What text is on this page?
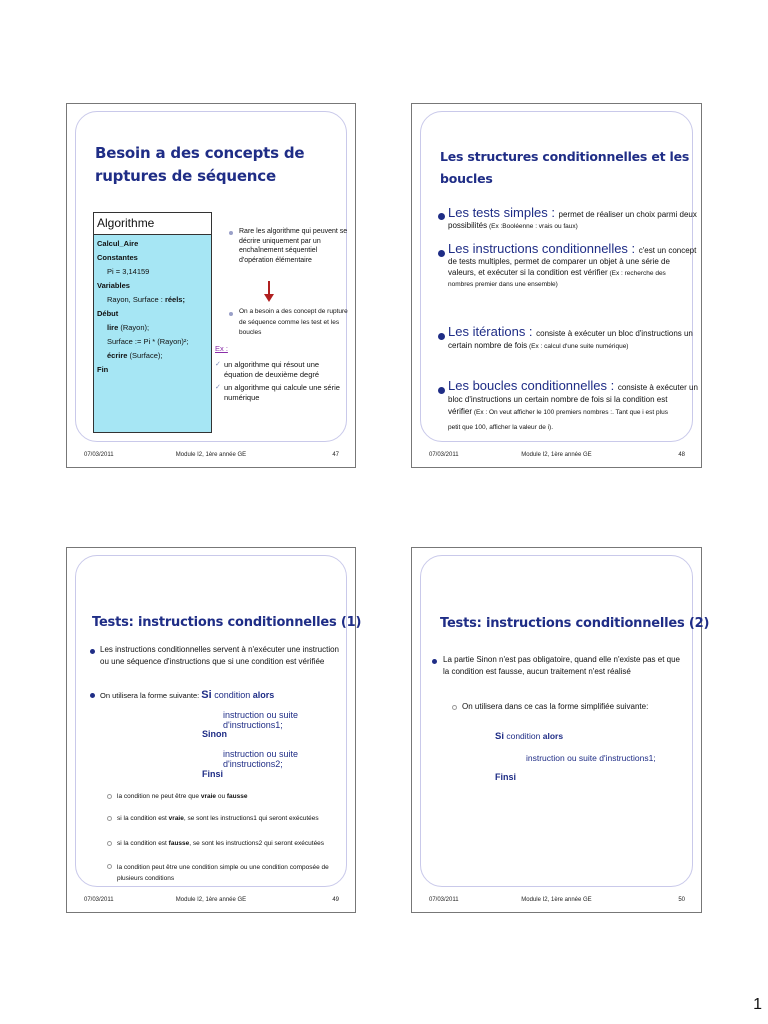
Besoin a des concepts de
ruptures de séquence
Algorithme
Calcul_Aire
Constantes
Pi = 3,14159
Variables
Rayon, Surface : réels;
Début
lire (Rayon);
Surface := Pi * (Rayon)²;
écrire (Surface);
Fin
Rare les algorithme qui peuvent se
décrire uniquement par un
enchaînement séquentiel
d'opération élémentaire
On a besoin a des concept de rupture
de séquence comme les test et les
boucles
Ex :
✓ un algorithme qui résout une
équation de deuxième degré
✓ un algorithme qui calcule une série
numérique
07/03/2011	Module I2, 1ère année GE	47
Les structures conditionnelles et les
boucles
Les tests simples : permet de réaliser un choix parmi deux
possibilités (Ex :Booléenne : vrais ou faux)
Les instructions conditionnelles : c'est un concept
de tests multiples, permet de comparer un objet à une série de
valeurs, et exécuter si la condition est vérifier (Ex : recherche des
nombres premier dans une ensemble)
Les itérations : consiste à exécuter un bloc d'instructions un
certain nombre de fois (Ex : calcul d'une suite numérique)
Les boucles conditionnelles : consiste à exécuter un
bloc d'instructions un certain nombre de fois si la condition est
vérifier (Ex : On veut afficher le 100 premiers nombres :. Tant que i est plus
petit que 100, afficher la valeur de i).
07/03/2011	Module I2, 1ère année GE	48
Tests: instructions conditionnelles (1)
Les instructions conditionnelles servent à n'exécuter une instruction
ou une séquence d'instructions que si une condition est vérifiée
On utilisera la forme suivante: Si condition alors
instruction ou suite d'instructions1;
Sinon
instruction ou suite d'instructions2;
Finsi
la condition ne peut être que vraie ou fausse
si la condition est vraie, se sont les instructions1 qui seront exécutées
si la condition est fausse, se sont les instructions2 qui seront exécutées
la condition peut être une condition simple ou une condition composée de
plusieurs conditions
07/03/2011	Module I2, 1ère année GE	49
Tests: instructions conditionnelles (2)
La partie Sinon n'est pas obligatoire, quand elle n'existe pas et que
la condition est fausse, aucun traitement n'est réalisé
On utilisera dans ce cas la forme simplifiée suivante:
Si condition alors
instruction ou suite d'instructions1;
Finsi
07/03/2011	Module I2, 1ère année GE	50
1
